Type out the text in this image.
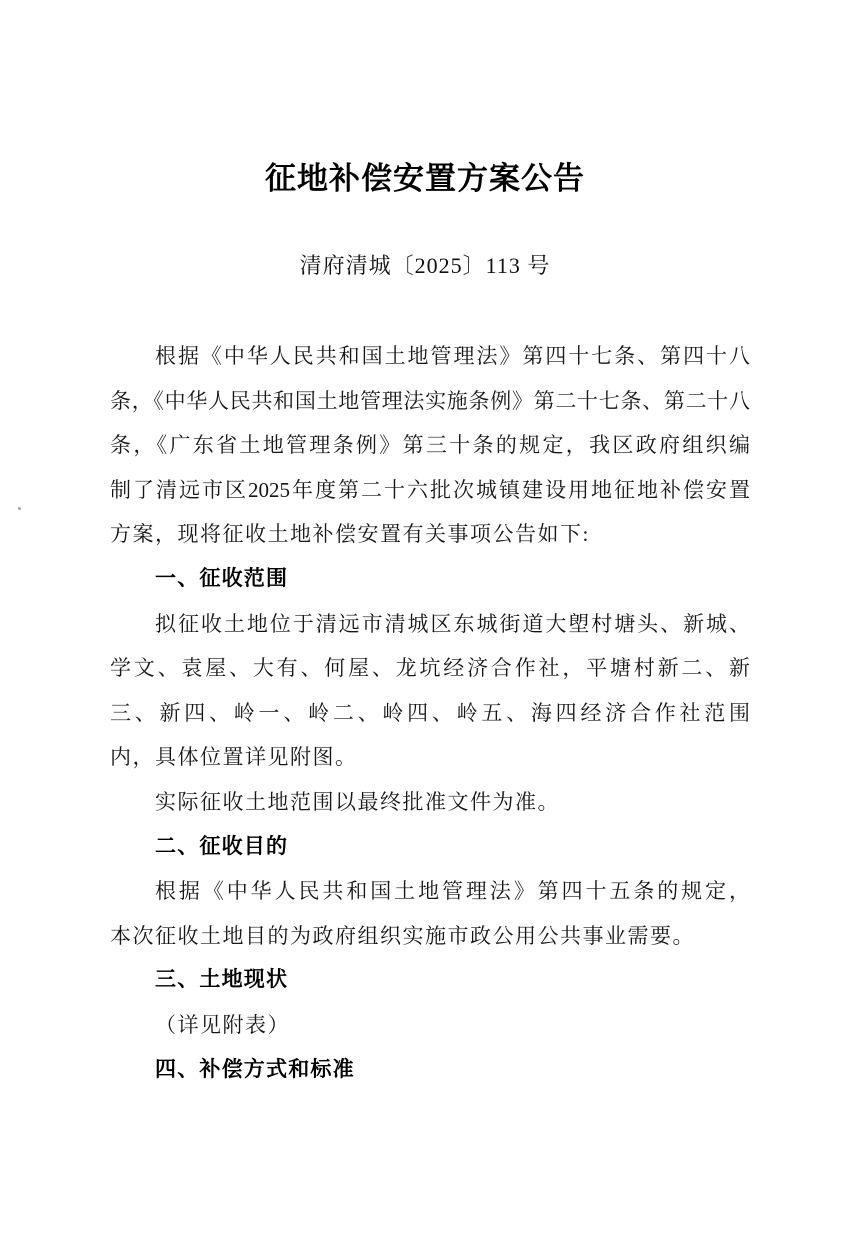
征地补偿安置方案公告
清府清城〔2025〕113 号
根据《中华人民共和国土地管理法》第四十七条、第四十八
条，《中华人民共和国土地管理法实施条例》第二十七条、第二十八
条，《广东省土地管理条例》第三十条的规定，我区政府组织编
制了清远市区2025年度第二十六批次城镇建设用地征地补偿安置
方案，现将征收土地补偿安置有关事项公告如下:
一、征收范围
拟征收土地位于清远市清城区东城街道大塱村塘头、新城、
学文、袁屋、大有、何屋、龙坑经济合作社，平塘村新二、新
三、新四、岭一、岭二、岭四、岭五、海四经济合作社范围
内，具体位置详见附图。
实际征收土地范围以最终批准文件为准。
二、征收目的
根据《中华人民共和国土地管理法》第四十五条的规定，
本次征收土地目的为政府组织实施市政公用公共事业需要。
三、土地现状
（详见附表）
四、补偿方式和标准
